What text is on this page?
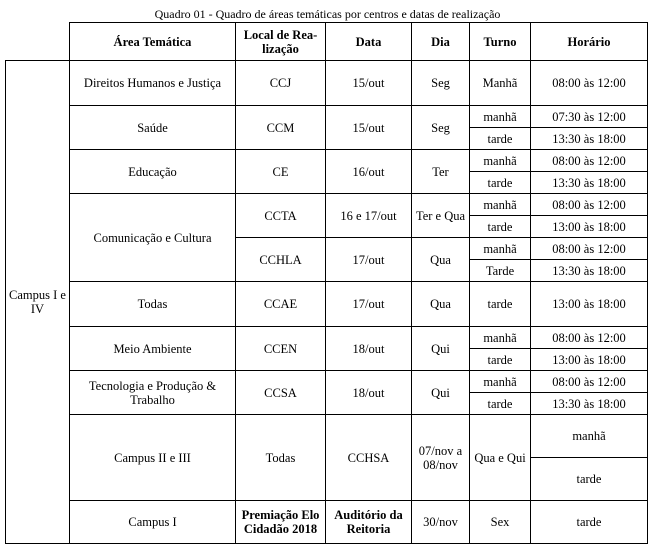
Quadro 01 - Quadro de áreas temáticas por centros e datas de realização
	Área Temática	Local de Rea-lização	Data	Dia	Turno	Horário	
Campus I e IV	Direitos Humanos e Justiça	CCJ	15/out	Seg	Manhã	08:00 às 12:00	
	Saúde	CCM	15/out	Seg	manhã	07:30 às 12:00	
					tarde	13:30 às 18:00	
	Educação	CE	16/out	Ter	manhã	08:00 às 12:00	
					tarde	13:30 às 18:00	
	Comunicação e Cultura	CCTA	16 e 17/out	Ter e Qua	manhã	08:00 às 12:00	
					tarde	13:00 às 18:00	
		CCHLA	17/out	Qua	manhã	08:00 às 12:00	
					Tarde	13:30 às 18:00	
	Todas	CCAE	17/out	Qua	tarde	13:00 às 18:00	
	Meio Ambiente	CCEN	18/out	Qui	manhã	08:00 às 12:00	
					tarde	13:00 às 18:00	
	Tecnologia e Produção & Trabalho	CCSA	18/out	Qui	manhã	08:00 às 12:00	
					tarde	13:30 às 18:00	
	Campus II e III	Todas	CCHSA	07/nov a 08/nov	Qua e Qui	manhã	
						tarde	
	Campus I	Premiação Elo Cidadão 2018	Auditório da Reitoria	30/nov	Sex	tarde	
